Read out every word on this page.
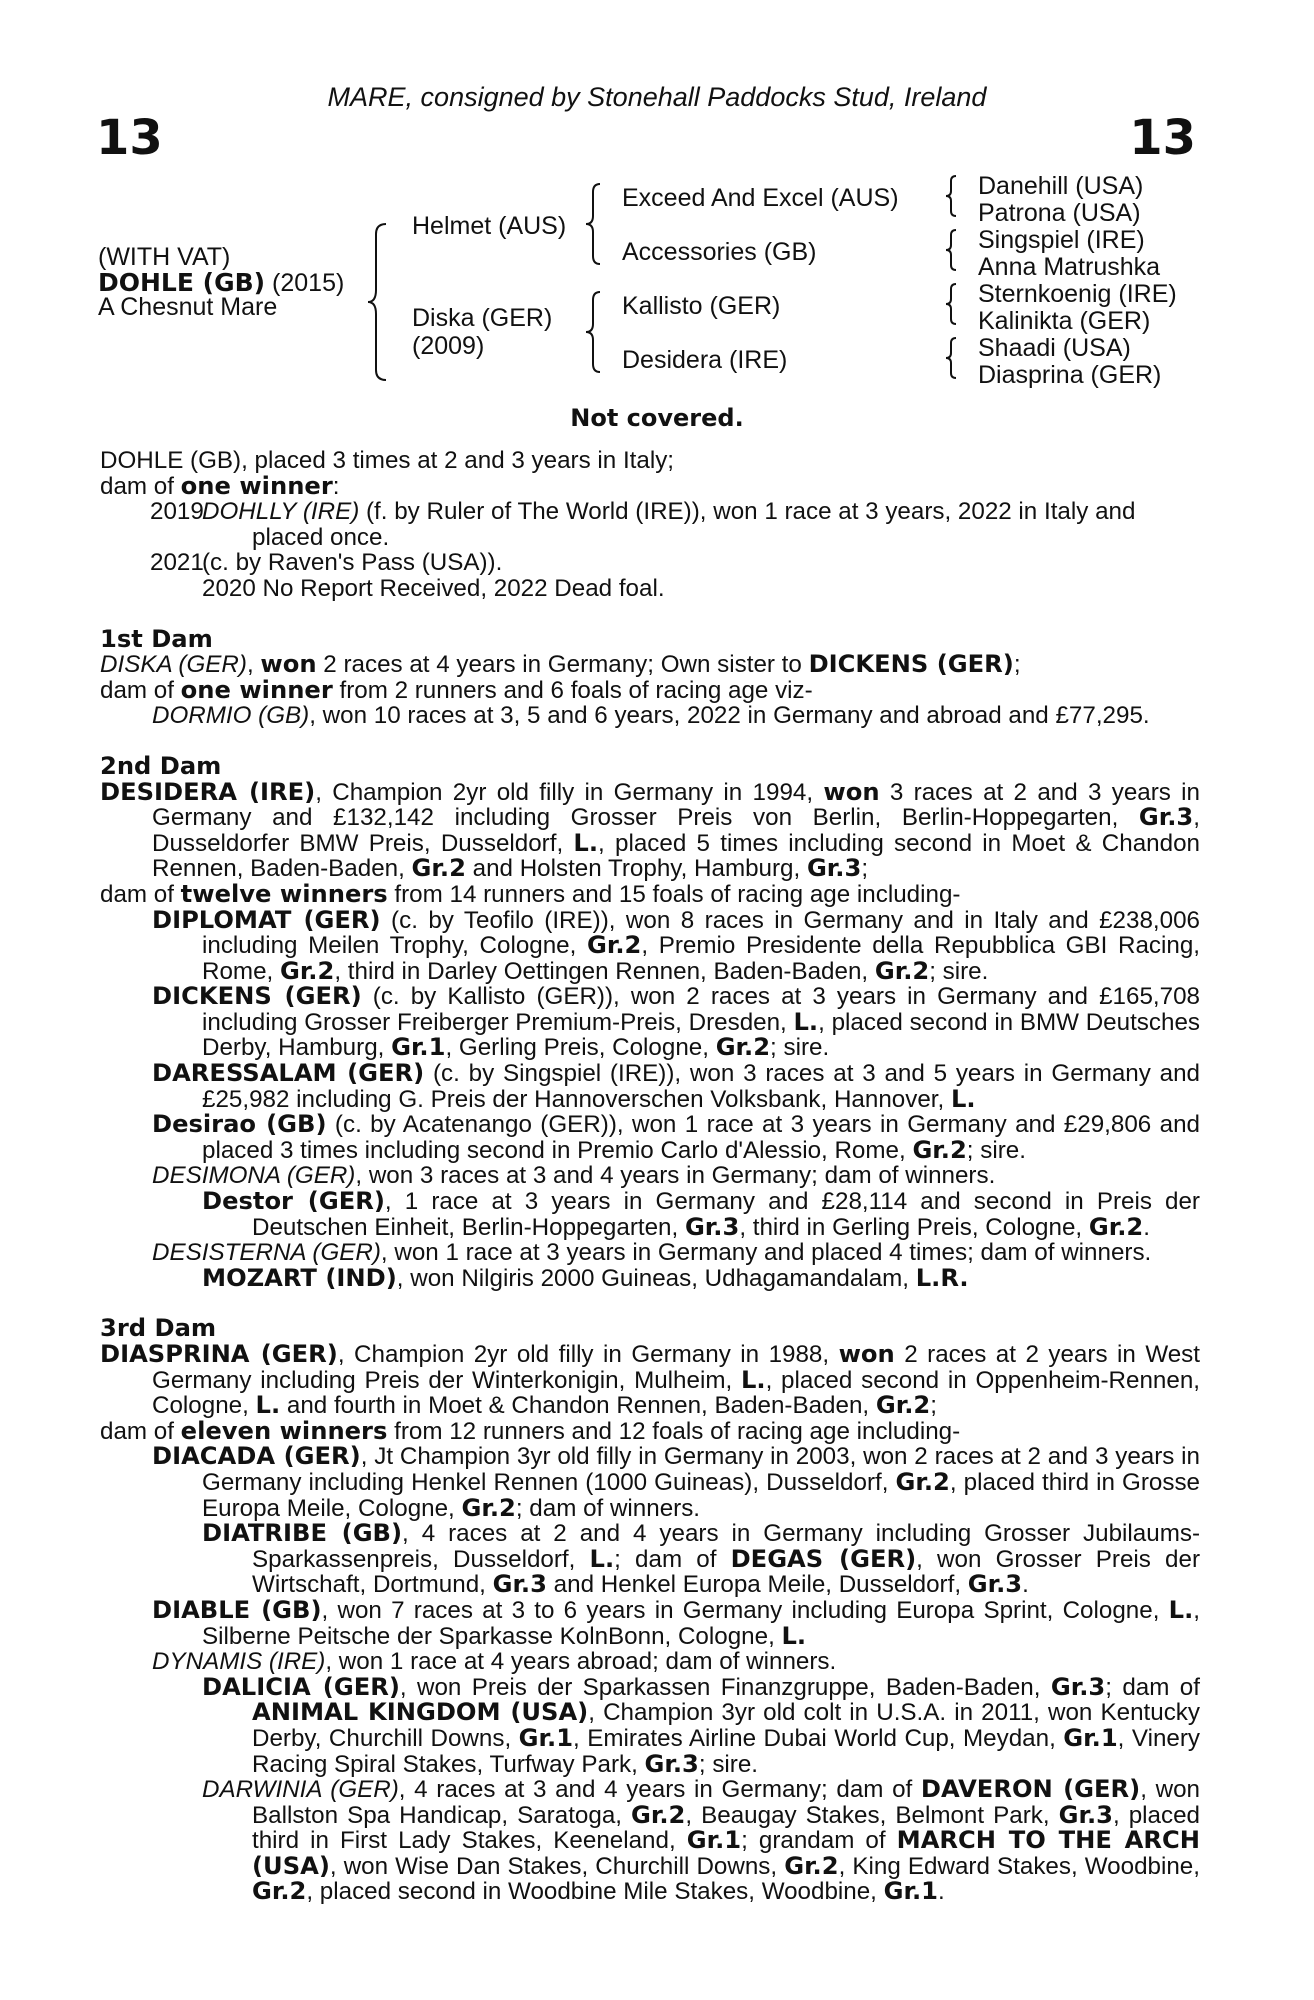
MARE, consigned by Stonehall Paddocks Stud, Ireland
13	13
(WITH VAT)
DOHLE (GB) (2015)
A Chesnut Mare
Helmet (AUS)
Diska (GER)
(2009)
Exceed And Excel (AUS)
Accessories (GB)
Kallisto (GER)
Desidera (IRE)
Danehill (USA)
Patrona (USA)
Singspiel (IRE)
Anna Matrushka
Sternkoenig (IRE)
Kalinikta (GER)
Shaadi (USA)
Diasprina (GER)
Not covered.

DOHLE (GB), placed 3 times at 2 and 3 years in Italy;

dam of one winner:

2019
DOHLLY (IRE) (f. by Ruler of The World (IRE)), won 1 race at 3 years, 2022 in Italy and placed once.
2021
(c. by Raven's Pass (USA)).
2020 No Report Received, 2022 Dead foal.

1st Dam

DISKA (GER), won 2 races at 4 years in Germany; Own sister to DICKENS (GER);

dam of one winner from 2 runners and 6 foals of racing age viz-

DORMIO (GB), won 10 races at 3, 5 and 6 years, 2022 in Germany and abroad and £77,295.

2nd Dam

DESIDERA (IRE), Champion 2yr old filly in Germany in 1994, won 3 races at 2 and 3 years in Germany and £132,142 including Grosser Preis von Berlin, Berlin-Hoppegarten, Gr.3, Dusseldorfer BMW Preis, Dusseldorf, L., placed 5 times including second in Moet & Chandon Rennen, Baden-Baden, Gr.2 and Holsten Trophy, Hamburg, Gr.3;

dam of twelve winners from 14 runners and 15 foals of racing age including-

DIPLOMAT (GER) (c. by Teofilo (IRE)), won 8 races in Germany and in Italy and £238,006 including Meilen Trophy, Cologne, Gr.2, Premio Presidente della Repubblica GBI Racing, Rome, Gr.2, third in Darley Oettingen Rennen, Baden-Baden, Gr.2; sire.

DICKENS (GER) (c. by Kallisto (GER)), won 2 races at 3 years in Germany and £165,708 including Grosser Freiberger Premium-Preis, Dresden, L., placed second in BMW Deutsches Derby, Hamburg, Gr.1, Gerling Preis, Cologne, Gr.2; sire.

DARESSALAM (GER) (c. by Singspiel (IRE)), won 3 races at 3 and 5 years in Germany and £25,982 including G. Preis der Hannoverschen Volksbank, Hannover, L.

Desirao (GB) (c. by Acatenango (GER)), won 1 race at 3 years in Germany and £29,806 and placed 3 times including second in Premio Carlo d'Alessio, Rome, Gr.2; sire.

DESIMONA (GER), won 3 races at 3 and 4 years in Germany; dam of winners.

Destor (GER), 1 race at 3 years in Germany and £28,114 and second in Preis der Deutschen Einheit, Berlin-Hoppegarten, Gr.3, third in Gerling Preis, Cologne, Gr.2.

DESISTERNA (GER), won 1 race at 3 years in Germany and placed 4 times; dam of winners.

MOZART (IND), won Nilgiris 2000 Guineas, Udhagamandalam, L.R.

3rd Dam

DIASPRINA (GER), Champion 2yr old filly in Germany in 1988, won 2 races at 2 years in West Germany including Preis der Winterkonigin, Mulheim, L., placed second in Oppenheim-Rennen, Cologne, L. and fourth in Moet & Chandon Rennen, Baden-Baden, Gr.2;

dam of eleven winners from 12 runners and 12 foals of racing age including-

DIACADA (GER), Jt Champion 3yr old filly in Germany in 2003, won 2 races at 2 and 3 years in Germany including Henkel Rennen (1000 Guineas), Dusseldorf, Gr.2, placed third in Grosse Europa Meile, Cologne, Gr.2; dam of winners.

DIATRIBE (GB), 4 races at 2 and 4 years in Germany including Grosser Jubilaums-Sparkassenpreis, Dusseldorf, L.; dam of DEGAS (GER), won Grosser Preis der Wirtschaft, Dortmund, Gr.3 and Henkel Europa Meile, Dusseldorf, Gr.3.

DIABLE (GB), won 7 races at 3 to 6 years in Germany including Europa Sprint, Cologne, L., Silberne Peitsche der Sparkasse KolnBonn, Cologne, L.

DYNAMIS (IRE), won 1 race at 4 years abroad; dam of winners.

DALICIA (GER), won Preis der Sparkassen Finanzgruppe, Baden-Baden, Gr.3; dam of ANIMAL KINGDOM (USA), Champion 3yr old colt in U.S.A. in 2011, won Kentucky Derby, Churchill Downs, Gr.1, Emirates Airline Dubai World Cup, Meydan, Gr.1, Vinery Racing Spiral Stakes, Turfway Park, Gr.3; sire.

DARWINIA (GER), 4 races at 3 and 4 years in Germany; dam of DAVERON (GER), won Ballston Spa Handicap, Saratoga, Gr.2, Beaugay Stakes, Belmont Park, Gr.3, placed third in First Lady Stakes, Keeneland, Gr.1; grandam of MARCH TO THE ARCH (USA), won Wise Dan Stakes, Churchill Downs, Gr.2, King Edward Stakes, Woodbine, Gr.2, placed second in Woodbine Mile Stakes, Woodbine, Gr.1.
